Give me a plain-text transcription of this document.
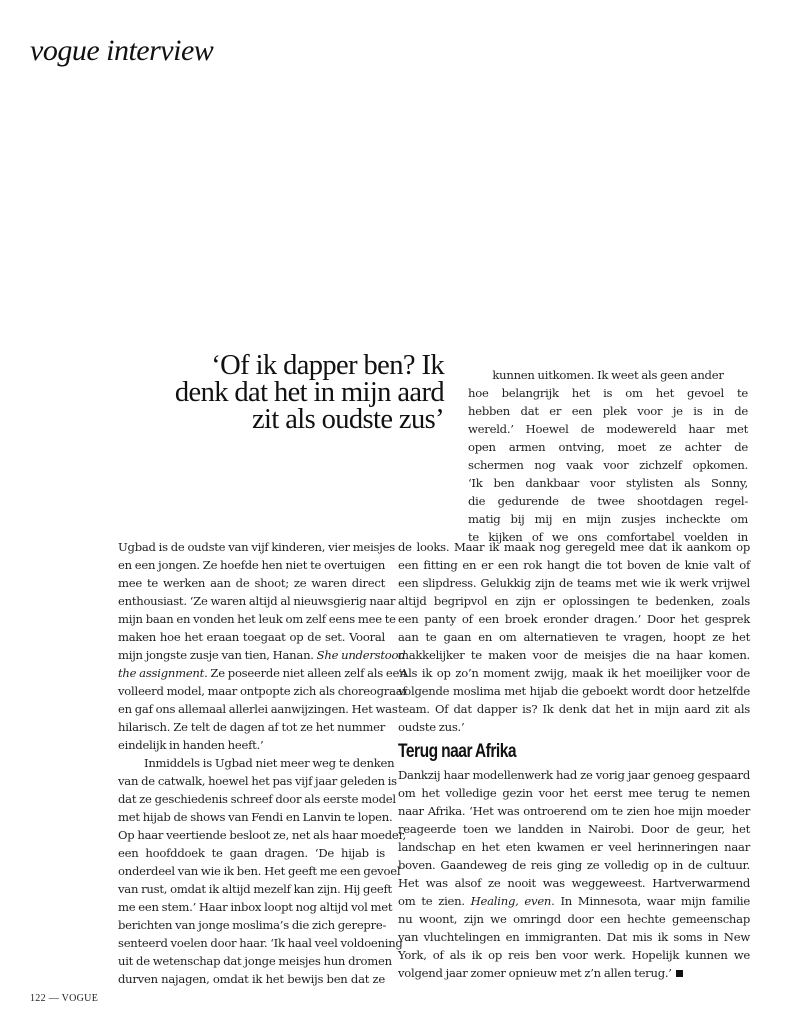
vogue interview
‘Of ik dapper ben? Ik
denk dat het in mijn aard
zit als oudste zus’
kunnen uitkomen. Ik weet als geen ander
hoe belangrijk het is om het gevoel te
hebben dat er een plek voor je is in de
wereld.’ Hoewel de modewereld haar met
open armen ontving, moet ze achter de
schermen nog vaak voor zichzelf opkomen.
‘Ik ben dankbaar voor stylisten als Sonny,
die gedurende de twee shootdagen regel-
matig bij mij en mijn zusjes incheckte om
te kijken of we ons comfortabel voelden in
Ugbad is de oudste van vijf kinderen, vier meisjes
en een jongen. Ze hoefde hen niet te overtuigen
mee te werken aan de shoot; ze waren direct
enthousiast. ‘Ze waren altijd al nieuwsgierig naar
mijn baan en vonden het leuk om zelf eens mee te
maken hoe het eraan toegaat op de set. Vooral
mijn jongste zusje van tien, Hanan. She understood
the assignment. Ze poseerde niet alleen zelf als een
volleerd model, maar ontpopte zich als choreograaf
en gaf ons allemaal allerlei aanwijzingen. Het was
hilarisch. Ze telt de dagen af tot ze het nummer
eindelijk in handen heeft.’
Inmiddels is Ugbad niet meer weg te denken
van de catwalk, hoewel het pas vijf jaar geleden is
dat ze geschiedenis schreef door als eerste model
met hijab de shows van Fendi en Lanvin te lopen.
Op haar veertiende besloot ze, net als haar moeder,
een hoofddoek te gaan dragen. ‘De hijab is
onderdeel van wie ik ben. Het geeft me een gevoel
van rust, omdat ik altijd mezelf kan zijn. Hij geeft
me een stem.’ Haar inbox loopt nog altijd vol met
berichten van jonge moslima’s die zich gerepre-
senteerd voelen door haar. ‘Ik haal veel voldoening
uit de wetenschap dat jonge meisjes hun dromen
durven najagen, omdat ik het bewijs ben dat ze
de looks. Maar ik maak nog geregeld mee dat ik aankom op
een fitting en er een rok hangt die tot boven de knie valt of
een slipdress. Gelukkig zijn de teams met wie ik werk vrijwel
altijd begripvol en zijn er oplossingen te bedenken, zoals
een panty of een broek eronder dragen.’ Door het gesprek
aan te gaan en om alternatieven te vragen, hoopt ze het
makkelijker te maken voor de meisjes die na haar komen.
‘Als ik op zo’n moment zwijg, maak ik het moeilijker voor de
volgende moslima met hijab die geboekt wordt door hetzelfde
team. Of dat dapper is? Ik denk dat het in mijn aard zit als
oudste zus.’
Terug naar Afrika
Dankzij haar modellenwerk had ze vorig jaar genoeg gespaard
om het volledige gezin voor het eerst mee terug te nemen
naar Afrika. ‘Het was ontroerend om te zien hoe mijn moeder
reageerde toen we landden in Nairobi. Door de geur, het
landschap en het eten kwamen er veel herinneringen naar
boven. Gaandeweg de reis ging ze volledig op in de cultuur.
Het was alsof ze nooit was weggeweest. Hartverwarmend
om te zien. Healing, even. In Minnesota, waar mijn familie
nu woont, zijn we omringd door een hechte gemeenschap
van vluchtelingen en immigranten. Dat mis ik soms in New
York, of als ik op reis ben voor werk. Hopelijk kunnen we
volgend jaar zomer opnieuw met z’n allen terug.’
122 — VOGUE
